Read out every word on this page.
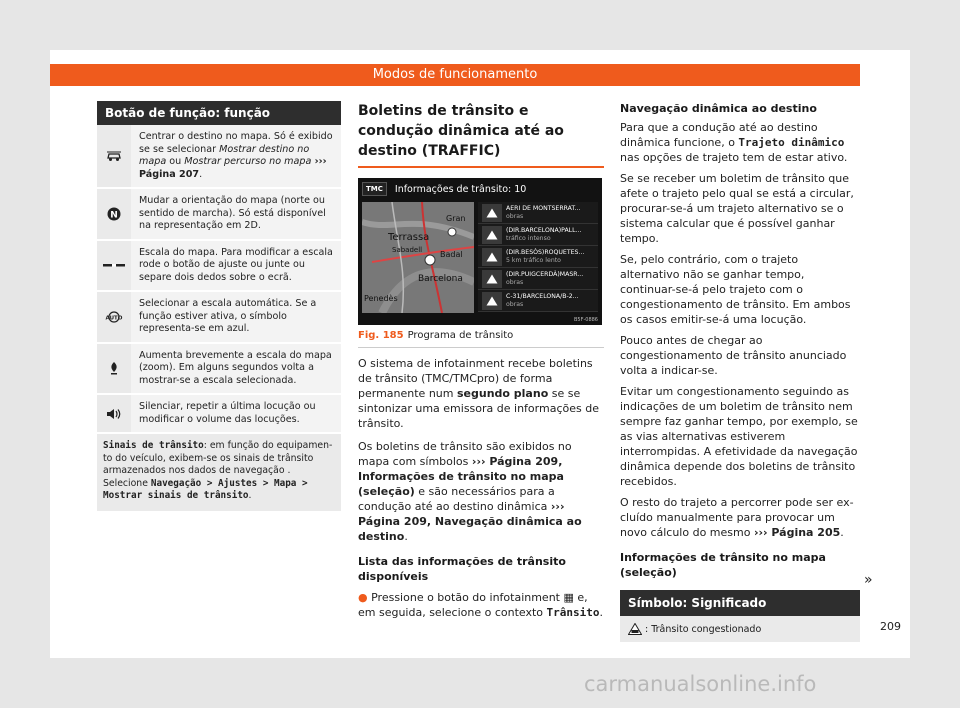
Modos de funcionamento
Botão de função: função
Centrar o destino no mapa. Só é exibido se se selecionar Mostrar destino no mapa ou Mostrar percurso no mapa ››› Página 207.
N
Mudar a orientação do mapa (norte ou sentido de marcha). Só está disponível na representação em 2D.
Escala do mapa. Para modificar a escala rode o botão de ajuste ou junte ou separe dois dedos sobre o ecrã.
AUTO
Selecionar a escala automática. Se a função estiver ativa, o símbolo representa-se em azul.
Aumenta brevemente a escala do mapa (zoom). Em alguns segundos volta a mostrar-se a escala selecionada.
Silenciar, repetir a última locução ou modificar o volume das locuções.
Sinais de trânsito: em função do equipamento do veículo, exibem-se os sinais de trânsito armazenados nos dados de navegação . Selecione Navegação > Ajustes > Mapa > Mostrar sinais de trânsito.
Boletins de trânsito e condução dinâmica até ao destino (TRAFFIC)
TMC	Informações de trânsito: 10
Gran
Terrassa
Sabadell Badal
Barcelona
Penedès
AERI DE MONTSERRAT...
obras
(DIR.BARCELONA)PALL...
tráfico intenso
(DIR.BESÒS)ROQUETES...
5 km tráfico lento
(DIR.PUIGCERDÀ)MASR...
obras
C-31/BARCELONA/B-2...
obras
B5F-0886
Fig. 185 Programa de trânsito
O sistema de infotainment recebe boletins de trânsito (TMC/TMCpro) de forma permanente num segundo plano se se sintonizar uma emissora de informações de trânsito.
Os boletins de trânsito são exibidos no mapa com símbolos ››› Página 209, Informações de trânsito no mapa (seleção) e são necessários para a condução até ao destino dinâmica ››› Página 209, Navegação dinâmica ao destino.
Lista das informações de trânsito disponíveis
● Pressione o botão do infotainment ▦ e, em seguida, selecione o contexto Trânsito.
Navegação dinâmica ao destino
Para que a condução até ao destino dinâmica funcione, o Trajeto dinâmico nas opções de trajeto tem de estar ativo.
Se se receber um boletim de trânsito que afete o trajeto pelo qual se está a circular, procurar-se-á um trajeto alternativo se o sistema calcular que é possível ganhar tempo.
Se, pelo contrário, com o trajeto alternativo não se ganhar tempo, continuar-se-á pelo trajeto com o congestionamento de trânsito. Em ambos os casos emitir-se-á uma locução.
Pouco antes de chegar ao congestionamento de trânsito anunciado volta a indicar-se.
Evitar um congestionamento seguindo as indicações de um boletim de trânsito nem sempre faz ganhar tempo, por exemplo, se as vias alternativas estiverem interrompidas. A efetividade da navegação dinâmica depende dos boletins de trânsito recebidos.
O resto do trajeto a percorrer pode ser excluído manualmente para provocar um novo cálculo do mesmo ››› Página 205.
Informações de trânsito no mapa (seleção)
Símbolo: Significado
: Trânsito congestionado
»
209
carmanualsonline.info
